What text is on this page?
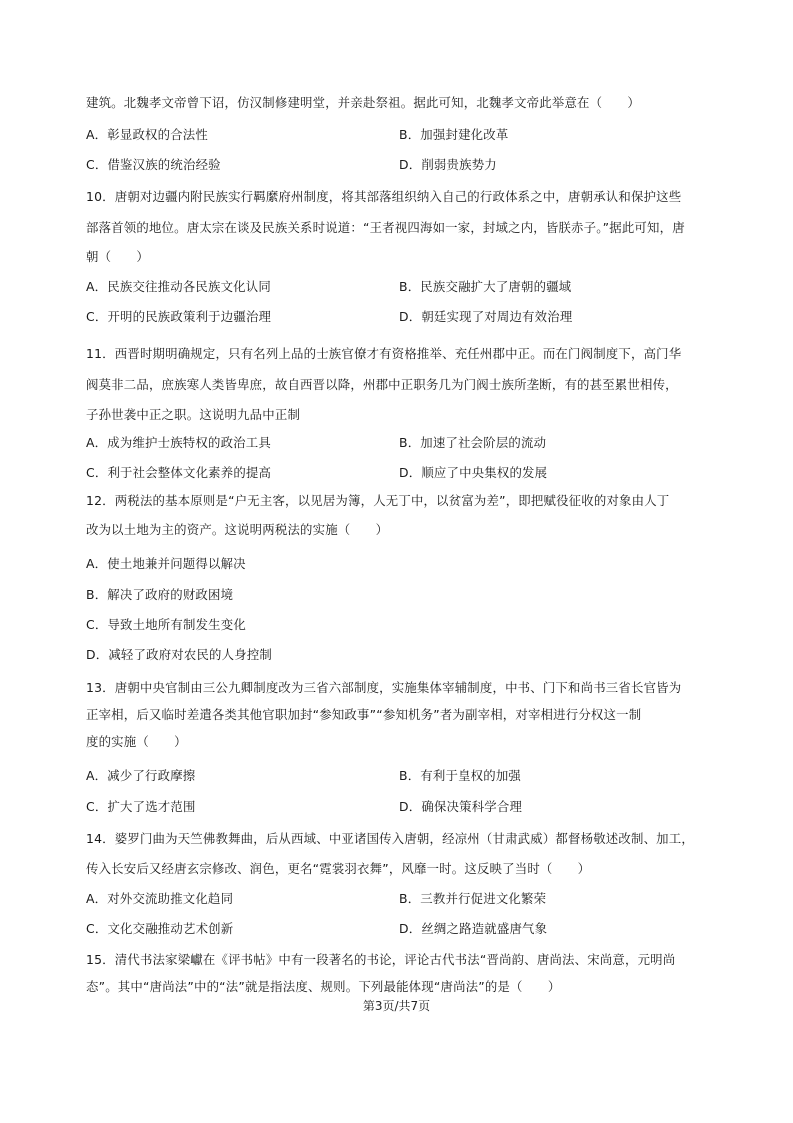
建筑。北魏孝文帝曾下诏，仿汉制修建明堂，并亲赴祭祖。据此可知，北魏孝文帝此举意在（　　）
A．彰显政权的合法性	B．加强封建化改革
C．借鉴汉族的统治经验	D．削弱贵族势力
10．唐朝对边疆内附民族实行羁縻府州制度，将其部落组织纳入自己的行政体系之中，唐朝承认和保护这些
部落首领的地位。唐太宗在谈及民族关系时说道：“王者视四海如一家，封域之内，皆朕赤子。”据此可知，唐
朝（　　）
A．民族交往推动各民族文化认同	B．民族交融扩大了唐朝的疆域
C．开明的民族政策利于边疆治理	D．朝廷实现了对周边有效治理
11．西晋时期明确规定，只有名列上品的士族官僚才有资格推举、充任州郡中正。而在门阀制度下，高门华
阀莫非二品，庶族寒人类皆卑庶，故自西晋以降，州郡中正职务几为门阀士族所垄断，有的甚至累世相传，
子孙世袭中正之职。这说明九品中正制
A．成为维护士族特权的政治工具	B．加速了社会阶层的流动
C．利于社会整体文化素养的提高	D．顺应了中央集权的发展
12．两税法的基本原则是“户无主客，以见居为簿，人无丁中，以贫富为差”，即把赋役征收的对象由人丁
改为以土地为主的资产。这说明两税法的实施（　　）
A．使土地兼并问题得以解决
B．解决了政府的财政困境
C．导致土地所有制发生变化
D．减轻了政府对农民的人身控制
13．唐朝中央官制由三公九卿制度改为三省六部制度，实施集体宰辅制度，中书、门下和尚书三省长官皆为
正宰相，后又临时差遣各类其他官职加封“参知政事”“参知机务”者为副宰相，对宰相进行分权这一制
度的实施（　　）
A．减少了行政摩擦	B．有利于皇权的加强
C．扩大了选才范围	D．确保决策科学合理
14．婆罗门曲为天竺佛教舞曲，后从西域、中亚诸国传入唐朝，经凉州（甘肃武威）都督杨敬述改制、加工，
传入长安后又经唐玄宗修改、润色，更名“霓裳羽衣舞”，风靡一时。这反映了当时（　　）
A．对外交流助推文化趋同	B．三教并行促进文化繁荣
C．文化交融推动艺术创新	D．丝绸之路造就盛唐气象
15．清代书法家梁巘在《评书帖》中有一段著名的书论，评论古代书法“晋尚韵、唐尚法、宋尚意，元明尚
态”。其中“唐尚法”中的“法”就是指法度、规则。下列最能体现“唐尚法”的是（　　）
第3页/共7页
